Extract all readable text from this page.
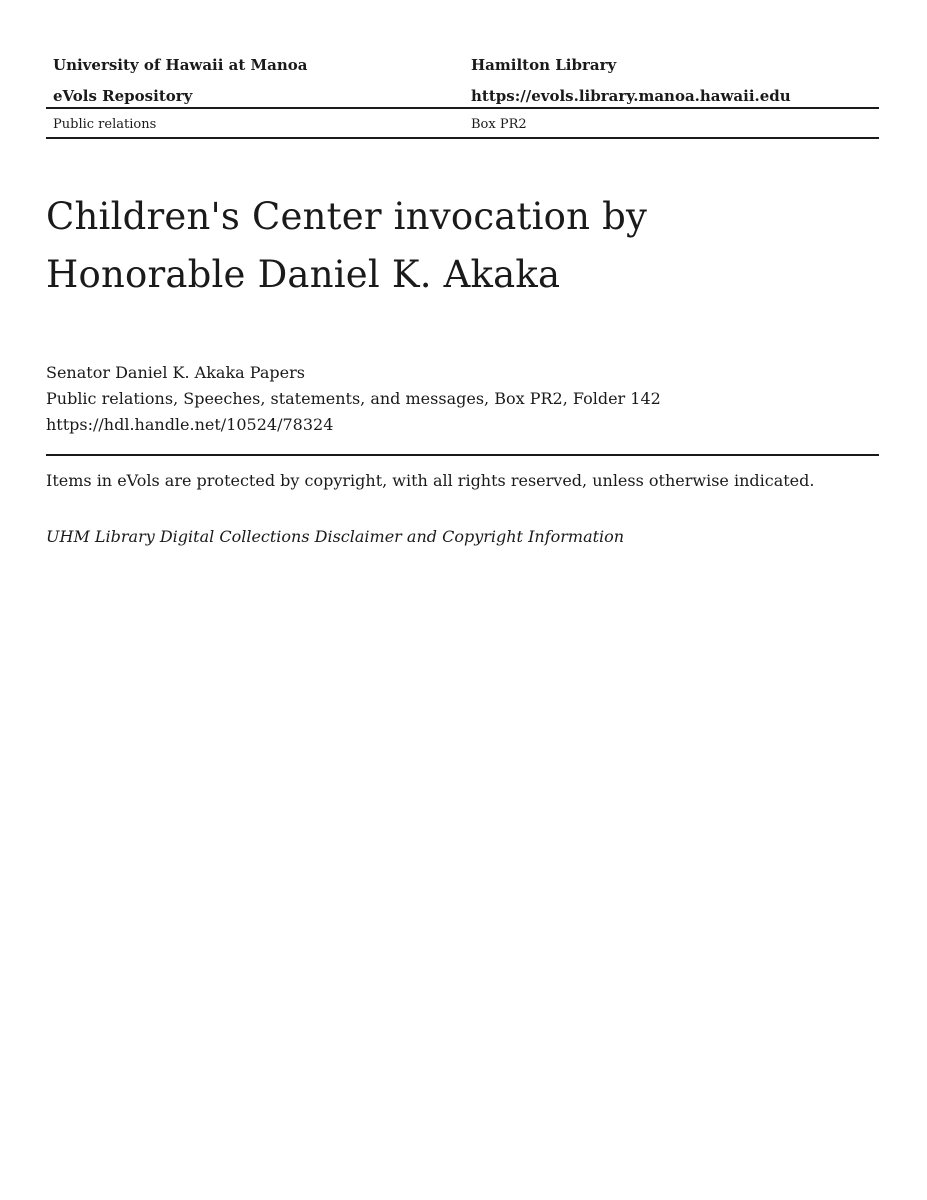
University of Hawaii at Manoa	Hamilton Library
eVols Repository	https://evols.library.manoa.hawaii.edu
Public relations	Box PR2
Children's Center invocation by
Honorable Daniel K. Akaka
Senator Daniel K. Akaka Papers
Public relations, Speeches, statements, and messages, Box PR2, Folder 142
https://hdl.handle.net/10524/78324
Items in eVols are protected by copyright, with all rights reserved, unless otherwise indicated.
UHM Library Digital Collections Disclaimer and Copyright Information
